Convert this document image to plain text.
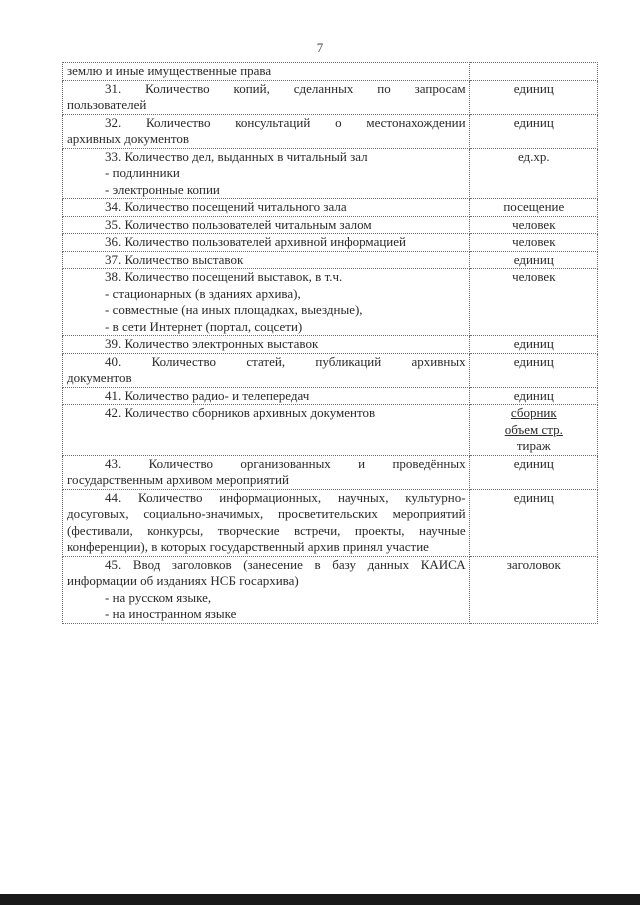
7
землю и иные имущественные права	

31. Количество копий, сделанных по запросам
пользователей	единиц

32. Количество консультаций о местонахождении
архивных документов	единиц

33. Количество дел, выданных в читальный зал
- подлинники
- электронные копии	ед.хр.

34. Количество посещений читального зала	посещение

35. Количество пользователей читальным залом	человек

36. Количество пользователей архивной информацией	человек

37. Количество выставок	единиц

38. Количество посещений выставок, в т.ч.
- стационарных (в зданиях архива),
- совместные (на иных площадках, выездные),
- в сети Интернет (портал, соцсети)	человек

39. Количество электронных выставок	единиц

40. Количество статей, публикаций архивных
документов	единиц

41. Количество радио- и телепередач	единиц

42. Количество сборников архивных документов	сборник
объем стр.
тираж

43. Количество организованных и проведённых
государственным архивом мероприятий	единиц

44. Количество информационных, научных, культурно-досуговых, социально-значимых, просветительских мероприятий (фестивали, конкурсы, творческие встречи, проекты, научные конференции), в которых государственный архив принял участие	единиц

45. Ввод заголовков (занесение в базу данных КАИСА информации об изданиях НСБ госархива)
- на русском языке,
- на иностранном языке	заголовок
